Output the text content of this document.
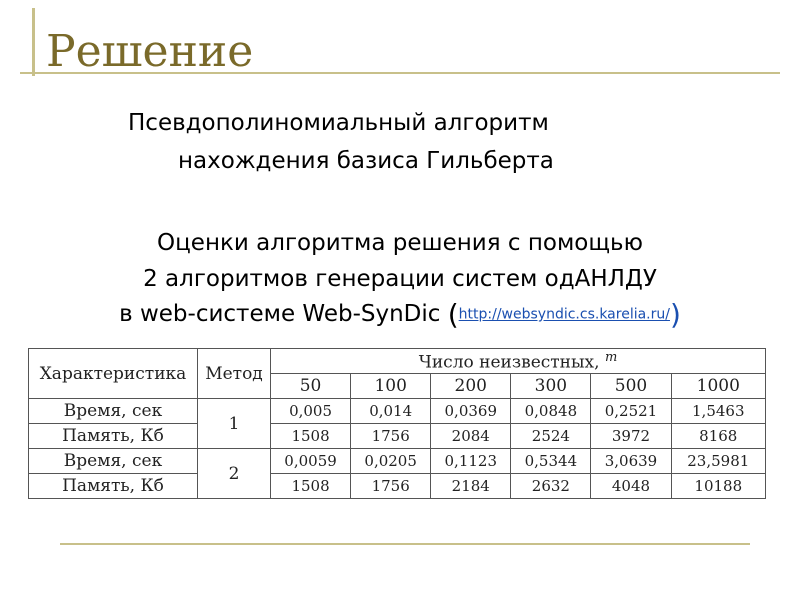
Решение
Псевдополиномиальный алгоритм
нахождения базиса Гильберта
Оценки алгоритма решения с помощью
2 алгоритмов генерации систем одАНЛДУ
в web-системе Web-SynDic (http://websyndic.cs.karelia.ru/)
Характеристика	Метод	Число неизвестных, $^m$
		50	100	200	300	500	1000
Время, сек	1	0,005	0,014	0,0369	0,0848	0,2521	1,5463
Память, Кб		1508	1756	2084	2524	3972	8168
Время, сек	2	0,0059	0,0205	0,1123	0,5344	3,0639	23,5981
Память, Кб		1508	1756	2184	2632	4048	10188
